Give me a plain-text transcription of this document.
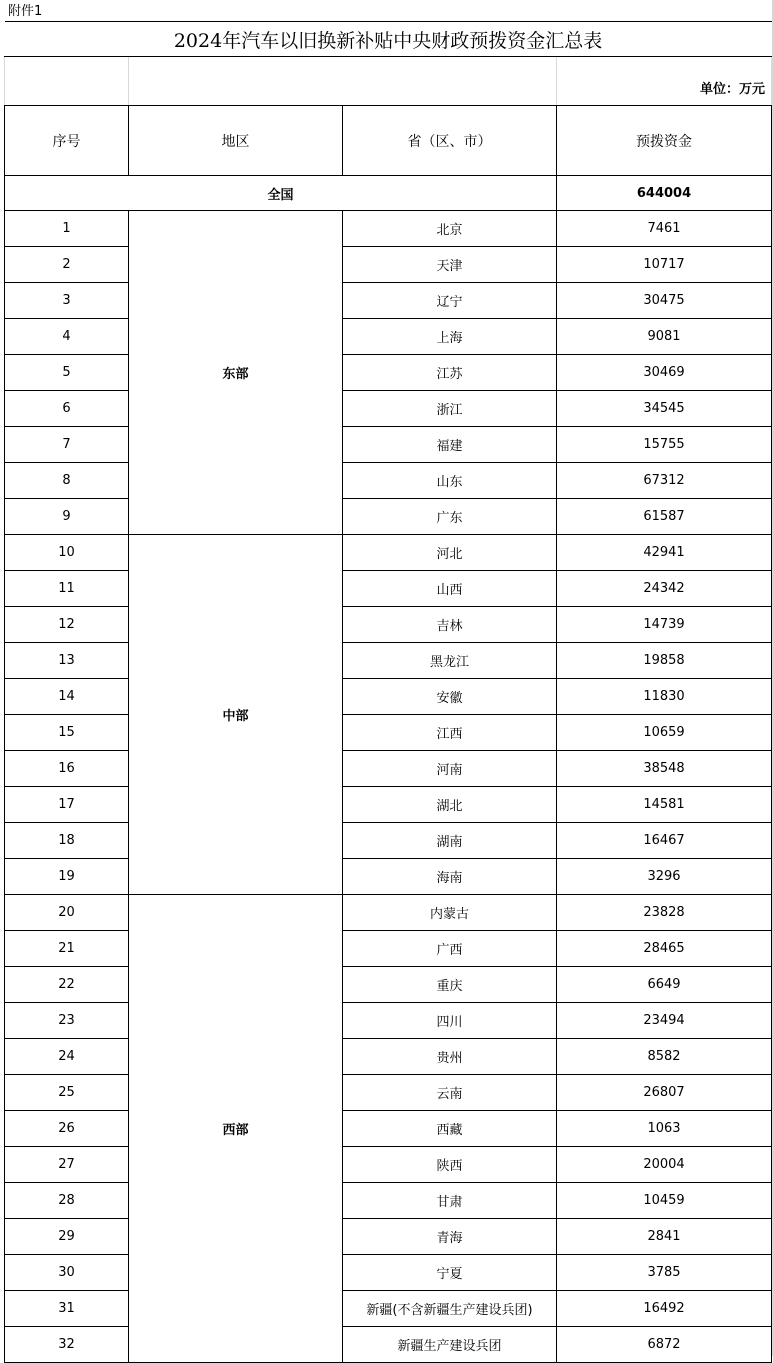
附件1
2024年汽车以旧换新补贴中央财政预拨资金汇总表			
			单位：万元
序号	地区	省（区、市）	预拨资金
全国			644004
1	东部	北京	7461
2		天津	10717
3		辽宁	30475
4		上海	9081
5		江苏	30469
6		浙江	34545
7		福建	15755
8		山东	67312
9		广东	61587
10	中部	河北	42941
11		山西	24342
12		吉林	14739
13		黑龙江	19858
14		安徽	11830
15		江西	10659
16		河南	38548
17		湖北	14581
18		湖南	16467
19		海南	3296
20	西部	内蒙古	23828
21		广西	28465
22		重庆	6649
23		四川	23494
24		贵州	8582
25		云南	26807
26		西藏	1063
27		陕西	20004
28		甘肃	10459
29		青海	2841
30		宁夏	3785
31		新疆(不含新疆生产建设兵团)	16492
32		新疆生产建设兵团	6872
